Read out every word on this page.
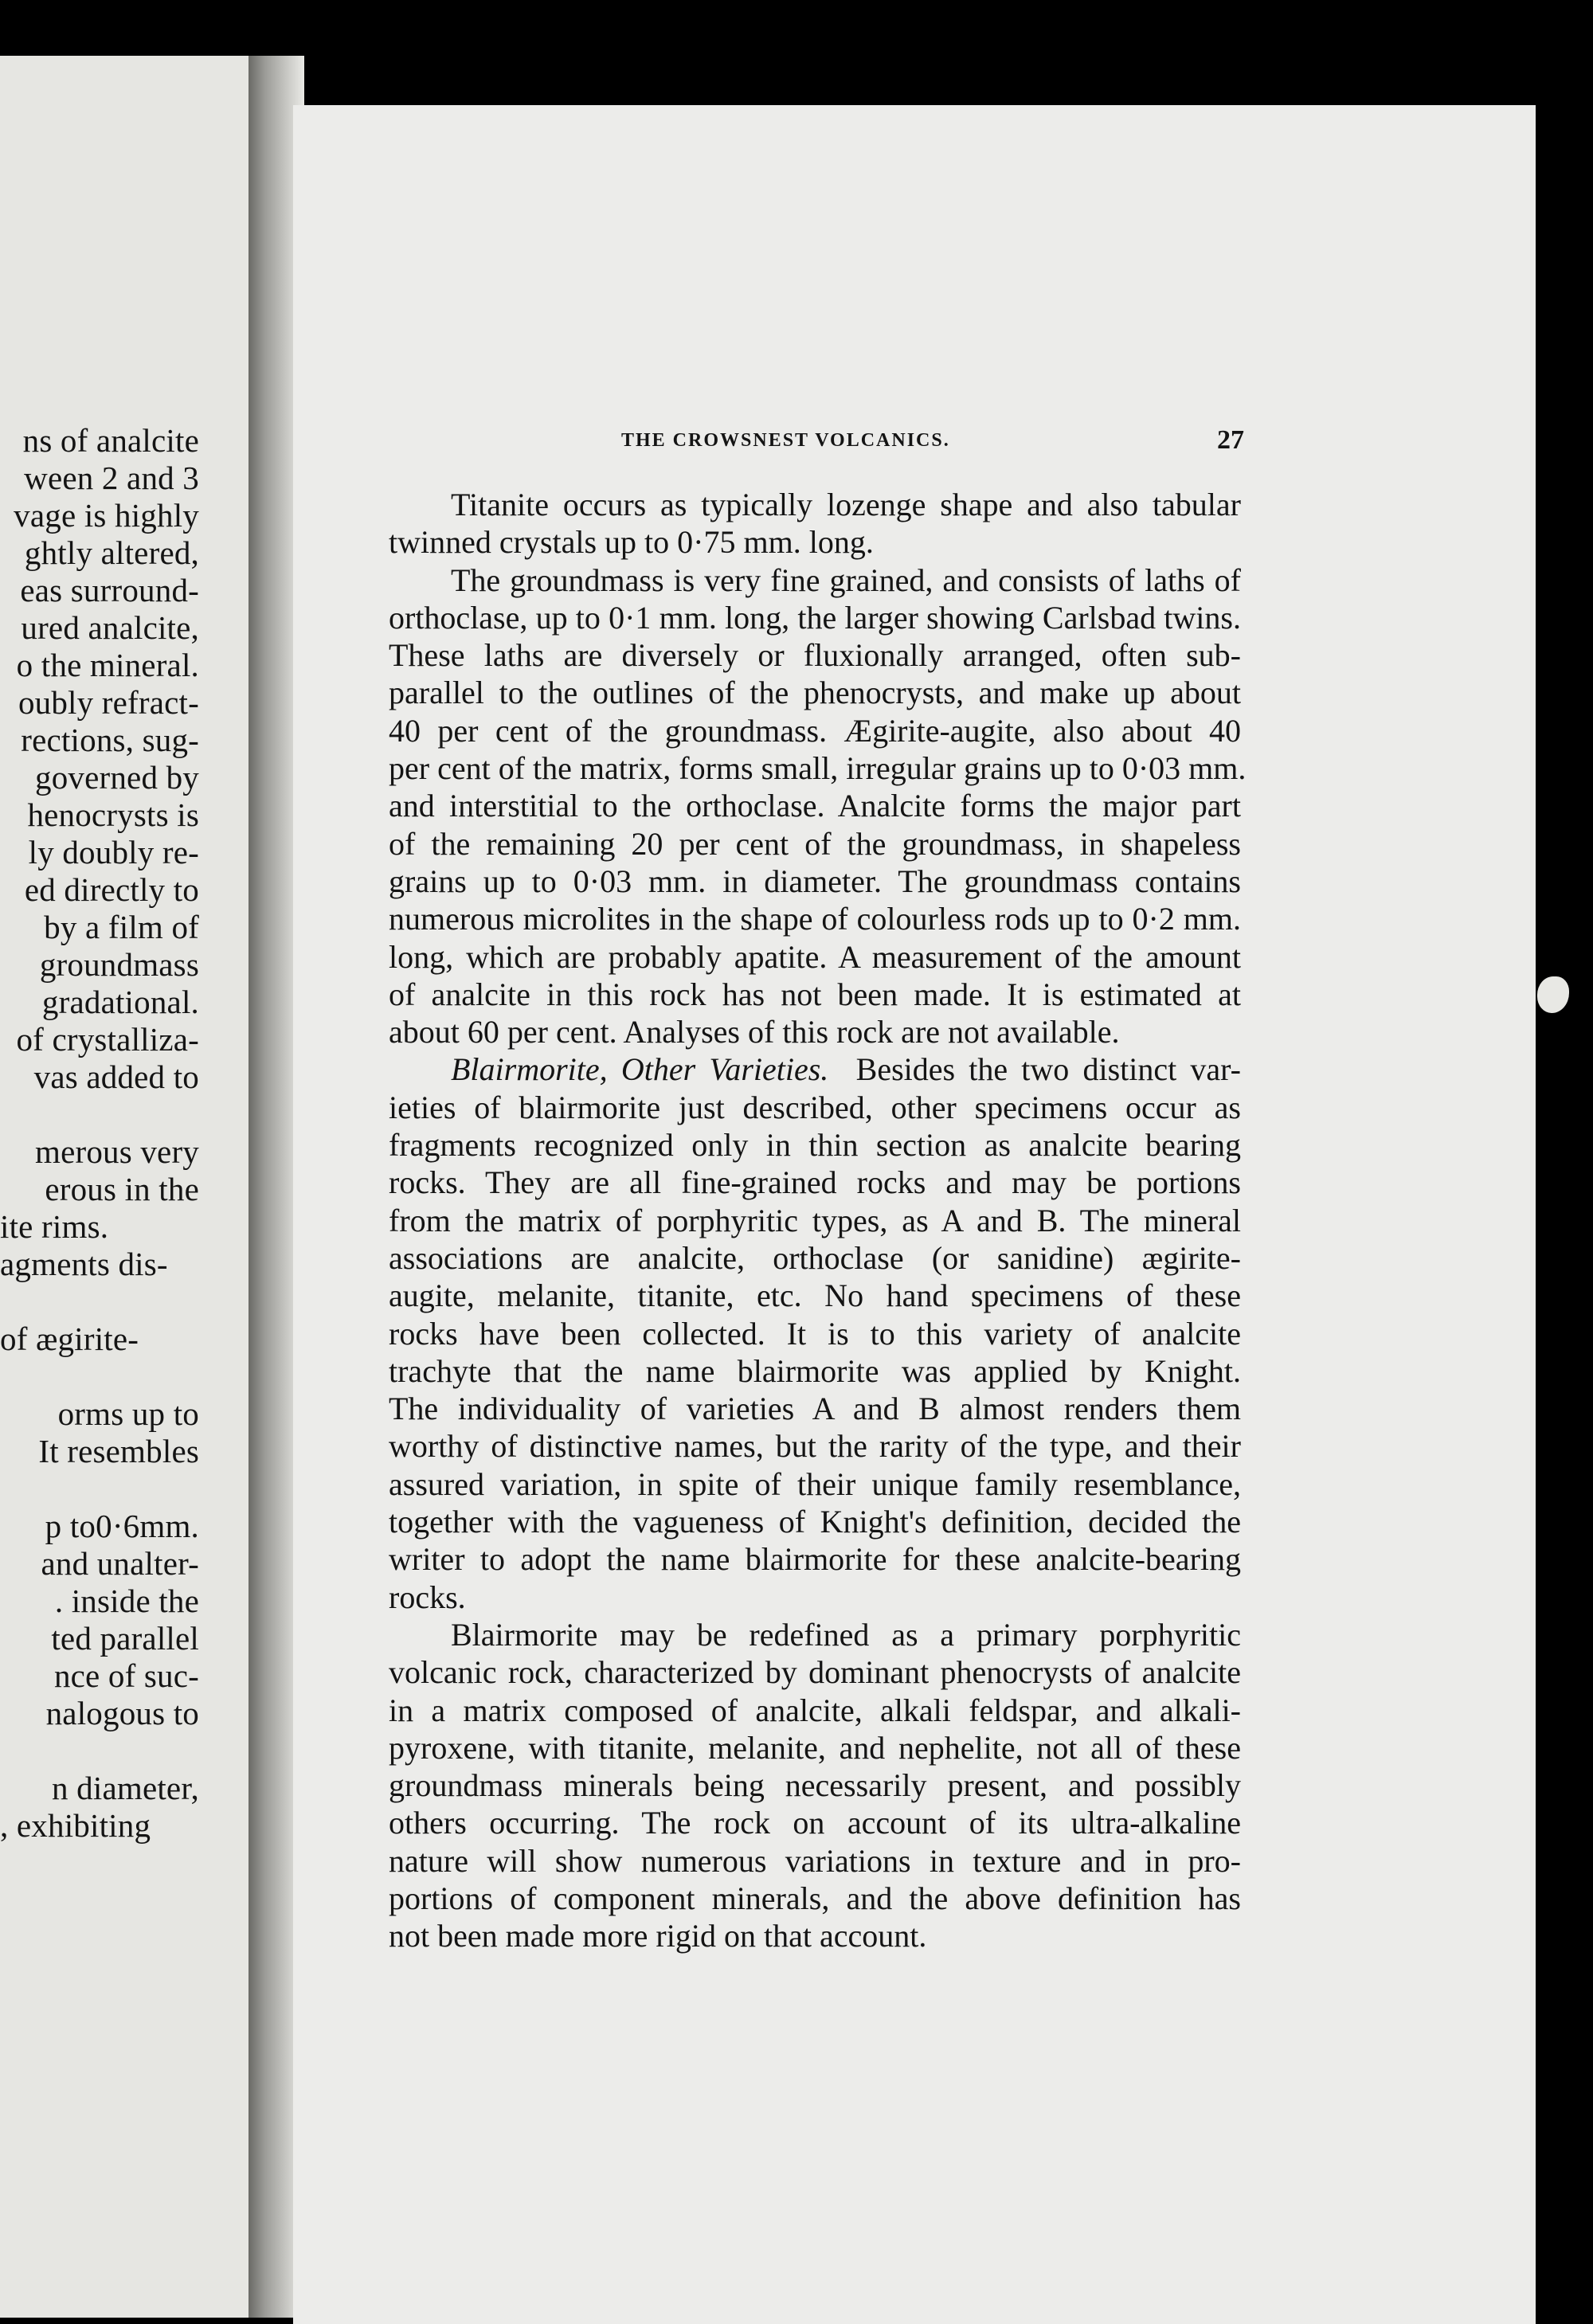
ns of analcite
ween 2 and 3
vage is highly
ghtly altered,
eas surround-
ured analcite,
o the mineral.
oubly refract-
rections, sug-
governed by
henocrysts is
ly doubly re-
ed directly to
by a film of
groundmass
gradational.
of crystalliza-
vas added to
merous very
erous in the
ite rims.
agments dis-
of ægirite-
orms up to
It resembles
p to0·6mm.
and unalter-
. inside the
ted parallel
nce of suc-
nalogous to
n diameter,
, exhibiting
THE CROWSNEST VOLCANICS.	27

Titanite occurs as typically lozenge shape and also tabular
twinned crystals up to 0·75 mm. long.

The groundmass is very fine grained, and consists of laths of
orthoclase, up to 0·1 mm. long, the larger showing Carlsbad twins.
These laths are diversely or fluxionally arranged, often sub-
parallel to the outlines of the phenocrysts, and make up about
40 per cent of the groundmass. Ægirite-augite, also about 40
per cent of the matrix, forms small, irregular grains up to 0·03 mm.
and interstitial to the orthoclase. Analcite forms the major part
of the remaining 20 per cent of the groundmass, in shapeless
grains up to 0·03 mm. in diameter. The groundmass contains
numerous microlites in the shape of colourless rods up to 0·2 mm.
long, which are probably apatite. A measurement of the amount
of analcite in this rock has not been made. It is estimated at
about 60 per cent. Analyses of this rock are not available.

Blairmorite, Other Varieties. Besides the two distinct var-
ieties of blairmorite just described, other specimens occur as
fragments recognized only in thin section as analcite bearing
rocks. They are all fine-grained rocks and may be portions
from the matrix of porphyritic types, as A and B. The mineral
associations are analcite, orthoclase (or sanidine) ægirite-
augite, melanite, titanite, etc. No hand specimens of these
rocks have been collected. It is to this variety of analcite
trachyte that the name blairmorite was applied by Knight.
The individuality of varieties A and B almost renders them
worthy of distinctive names, but the rarity of the type, and their
assured variation, in spite of their unique family resemblance,
together with the vagueness of Knight's definition, decided the
writer to adopt the name blairmorite for these analcite-bearing
rocks.

Blairmorite may be redefined as a primary porphyritic
volcanic rock, characterized by dominant phenocrysts of analcite
in a matrix composed of analcite, alkali feldspar, and alkali-
pyroxene, with titanite, melanite, and nephelite, not all of these
groundmass minerals being necessarily present, and possibly
others occurring. The rock on account of its ultra-alkaline
nature will show numerous variations in texture and in pro-
portions of component minerals, and the above definition has
not been made more rigid on that account.
